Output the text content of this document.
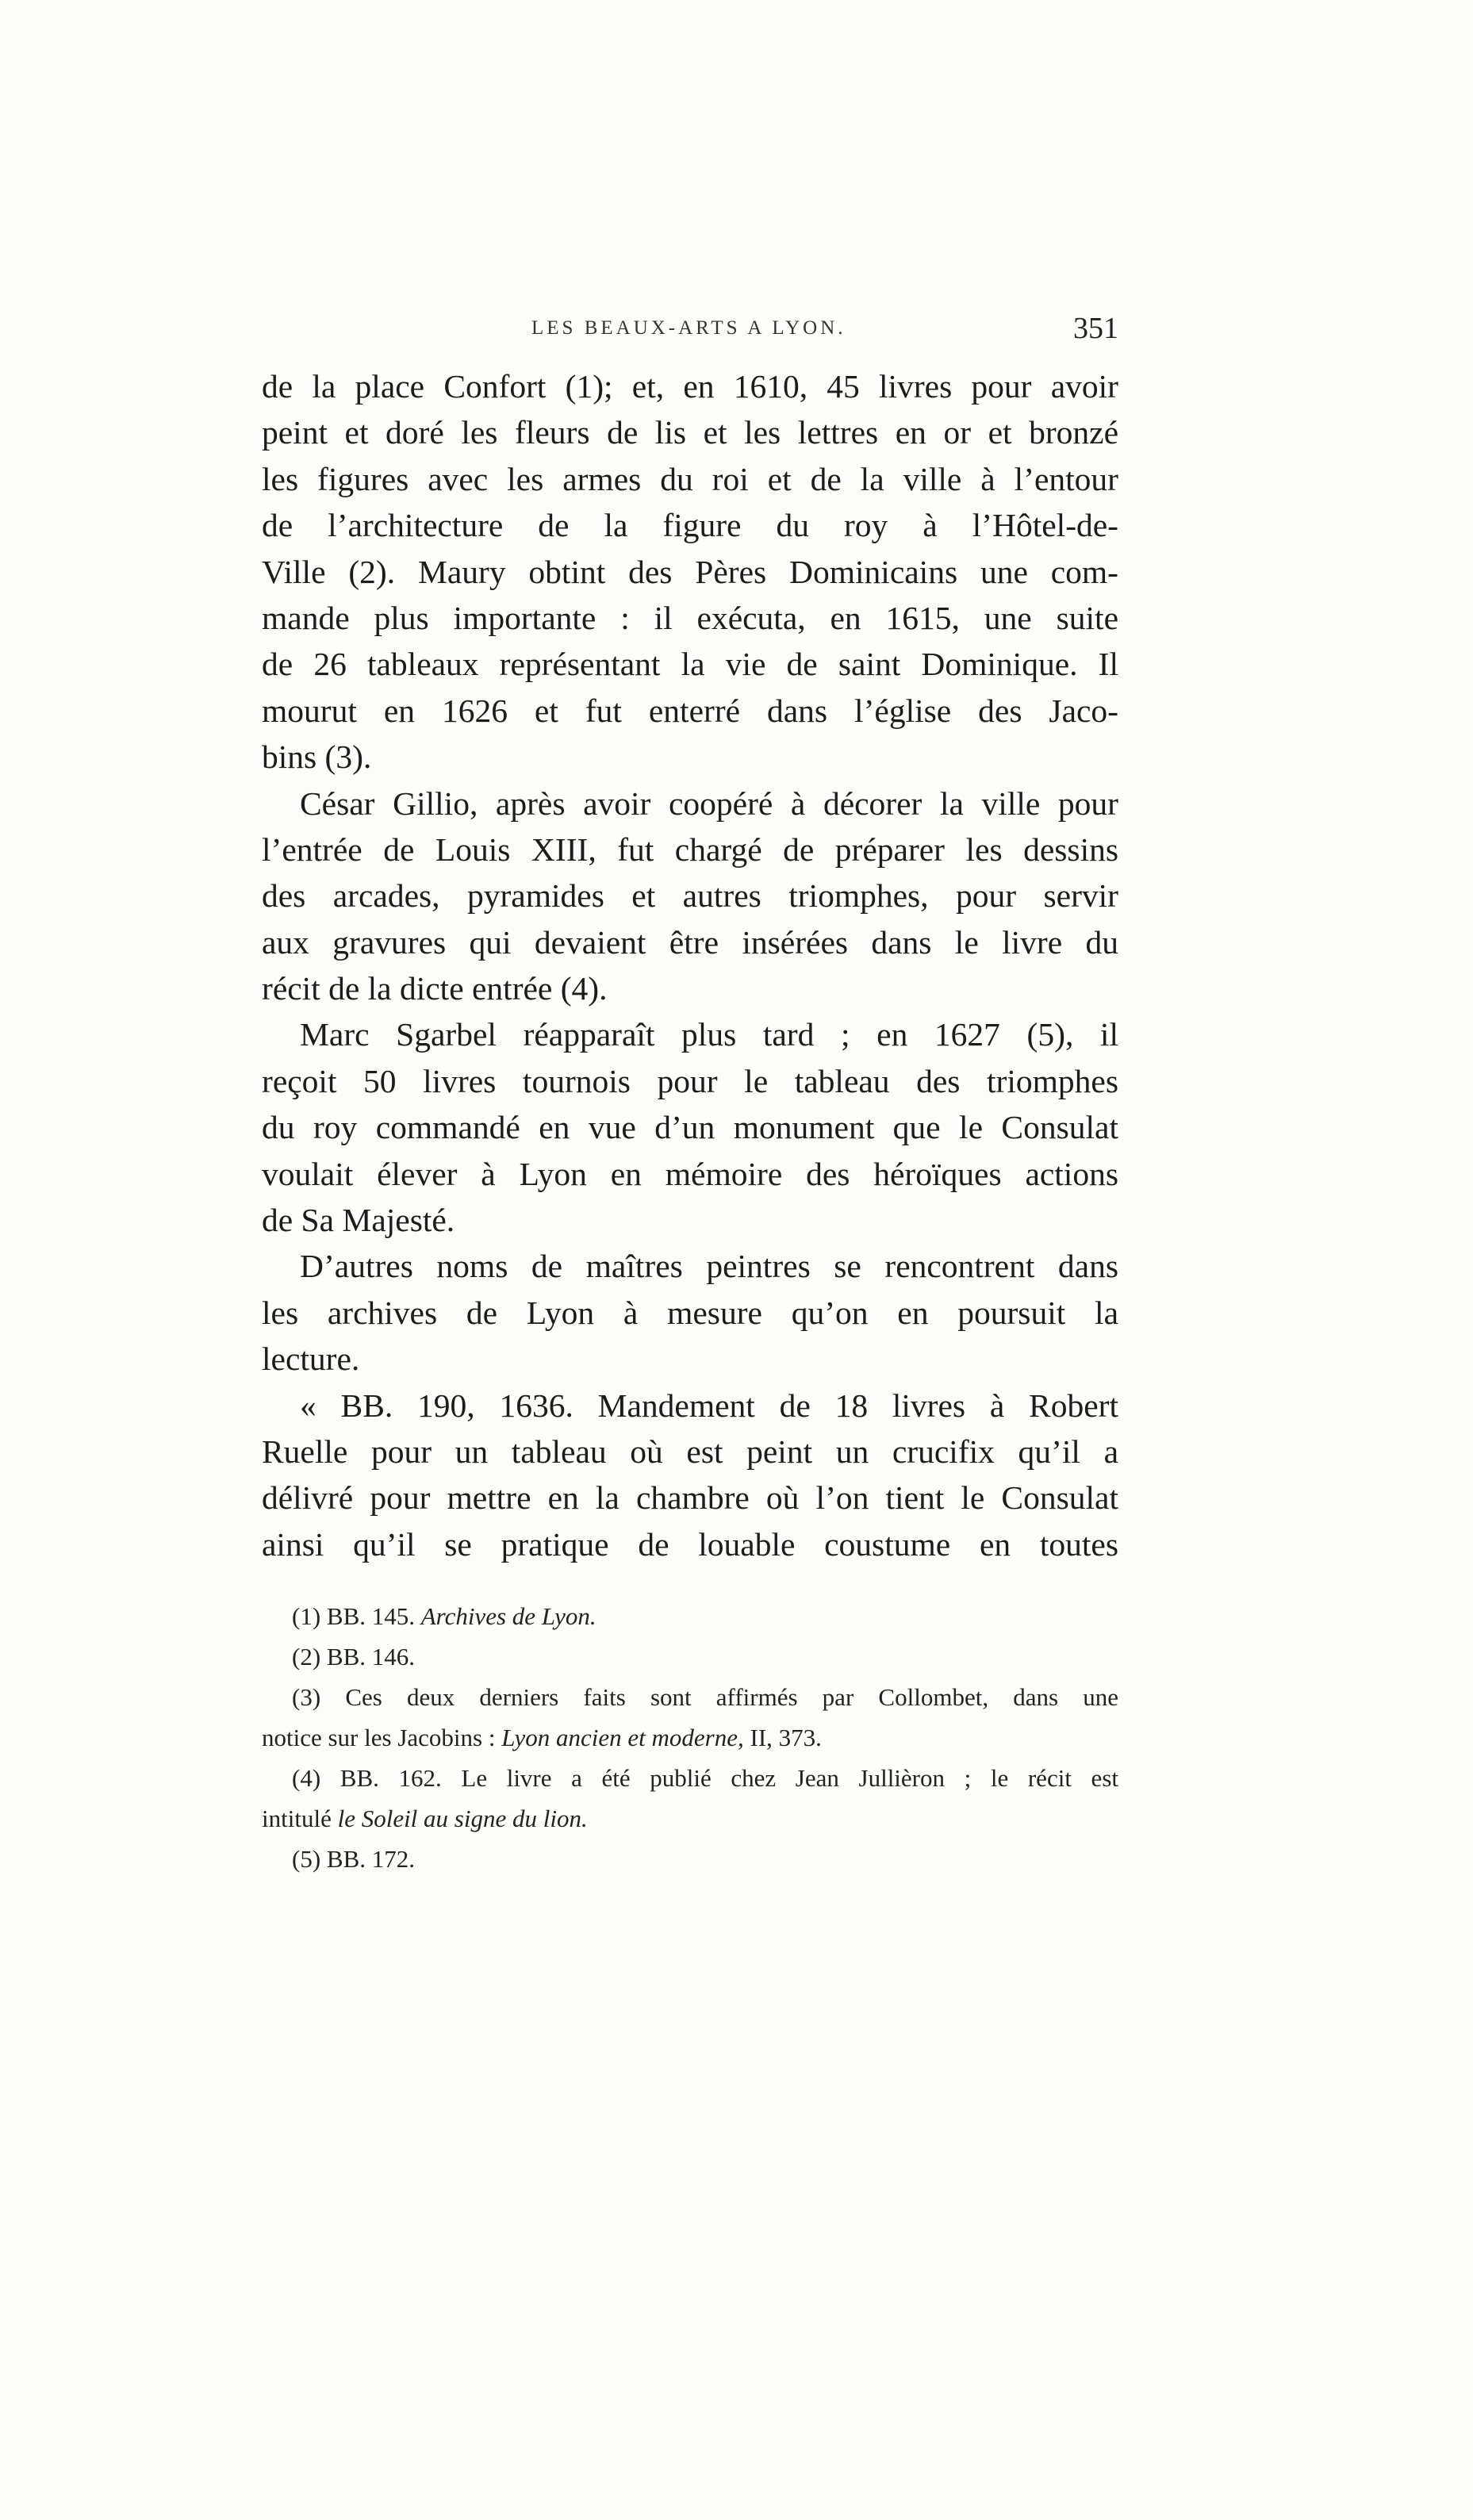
LES BEAUX-ARTS A LYON.	351
de la place Confort (1); et, en 1610, 45 livres pour avoir
peint et doré les fleurs de lis et les lettres en or et bronzé
les figures avec les armes du roi et de la ville à l’entour
de l’architecture de la figure du roy à l’Hôtel-de-
Ville (2). Maury obtint des Pères Dominicains une com-
mande plus importante : il exécuta, en 1615, une suite
de 26 tableaux représentant la vie de saint Dominique. Il
mourut en 1626 et fut enterré dans l’église des Jaco-
bins (3).
César Gillio, après avoir coopéré à décorer la ville pour
l’entrée de Louis XIII, fut chargé de préparer les dessins
des arcades, pyramides et autres triomphes, pour servir
aux gravures qui devaient être insérées dans le livre du
récit de la dicte entrée (4).
Marc Sgarbel réapparaît plus tard ; en 1627 (5), il
reçoit 50 livres tournois pour le tableau des triomphes
du roy commandé en vue d’un monument que le Consulat
voulait élever à Lyon en mémoire des héroïques actions
de Sa Majesté.
D’autres noms de maîtres peintres se rencontrent dans
les archives de Lyon à mesure qu’on en poursuit la
lecture.
« BB. 190, 1636. Mandement de 18 livres à Robert
Ruelle pour un tableau où est peint un crucifix qu’il a
délivré pour mettre en la chambre où l’on tient le Consulat
ainsi qu’il se pratique de louable coustume en toutes
(1) BB. 145. Archives de Lyon.
(2) BB. 146.
(3) Ces deux derniers faits sont affirmés par Collombet, dans une
notice sur les Jacobins : Lyon ancien et moderne, II, 373.
(4) BB. 162. Le livre a été publié chez Jean Jullièron ; le récit est
intitulé le Soleil au signe du lion.
(5) BB. 172.
